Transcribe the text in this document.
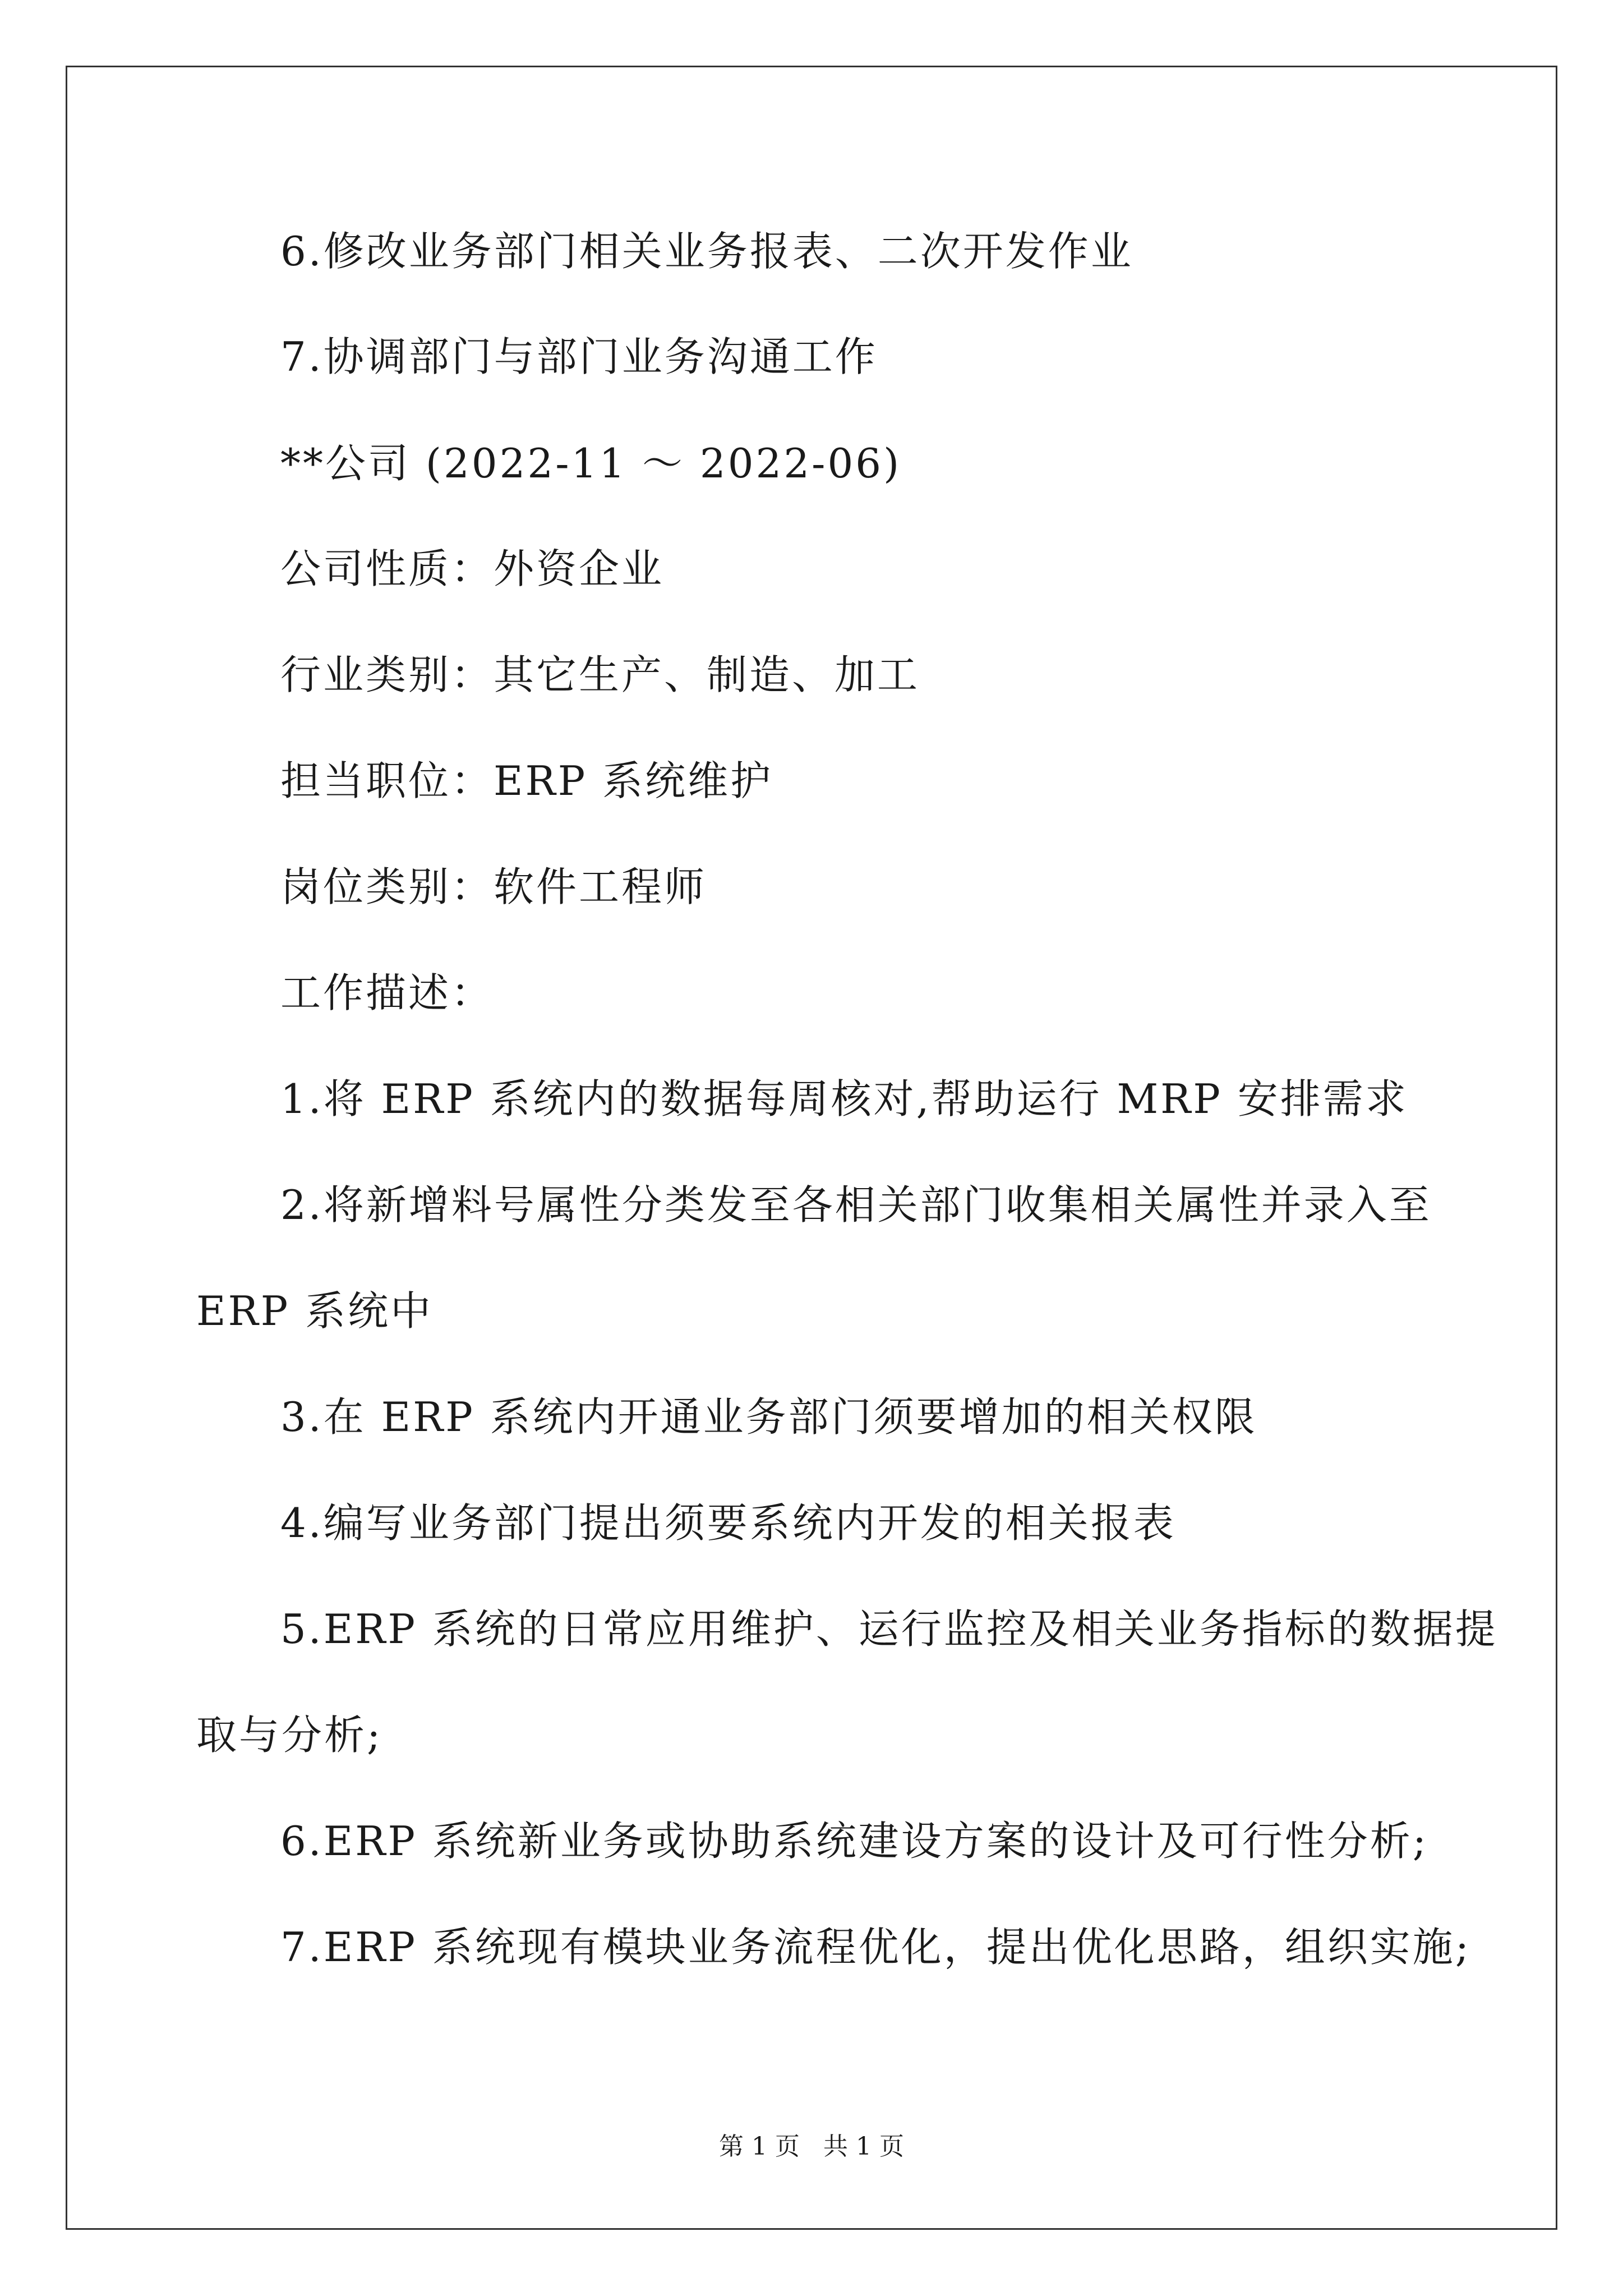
6.修改业务部门相关业务报表、二次开发作业
7.协调部门与部门业务沟通工作
**公司 (2022-11 ～ 2022-06)
公司性质：外资企业
行业类别：其它生产、制造、加工
担当职位：ERP 系统维护
岗位类别：软件工程师
工作描述：
1.将 ERP 系统内的数据每周核对,帮助运行 MRP 安排需求
2.将新增料号属性分类发至各相关部门收集相关属性并录入至
ERP 系统中
3.在 ERP 系统内开通业务部门须要增加的相关权限
4.编写业务部门提出须要系统内开发的相关报表
5.ERP 系统的日常应用维护、运行监控及相关业务指标的数据提
取与分析;
6.ERP 系统新业务或协助系统建设方案的设计及可行性分析;
7.ERP 系统现有模块业务流程优化，提出优化思路，组织实施;
第 1 页   共 1 页
